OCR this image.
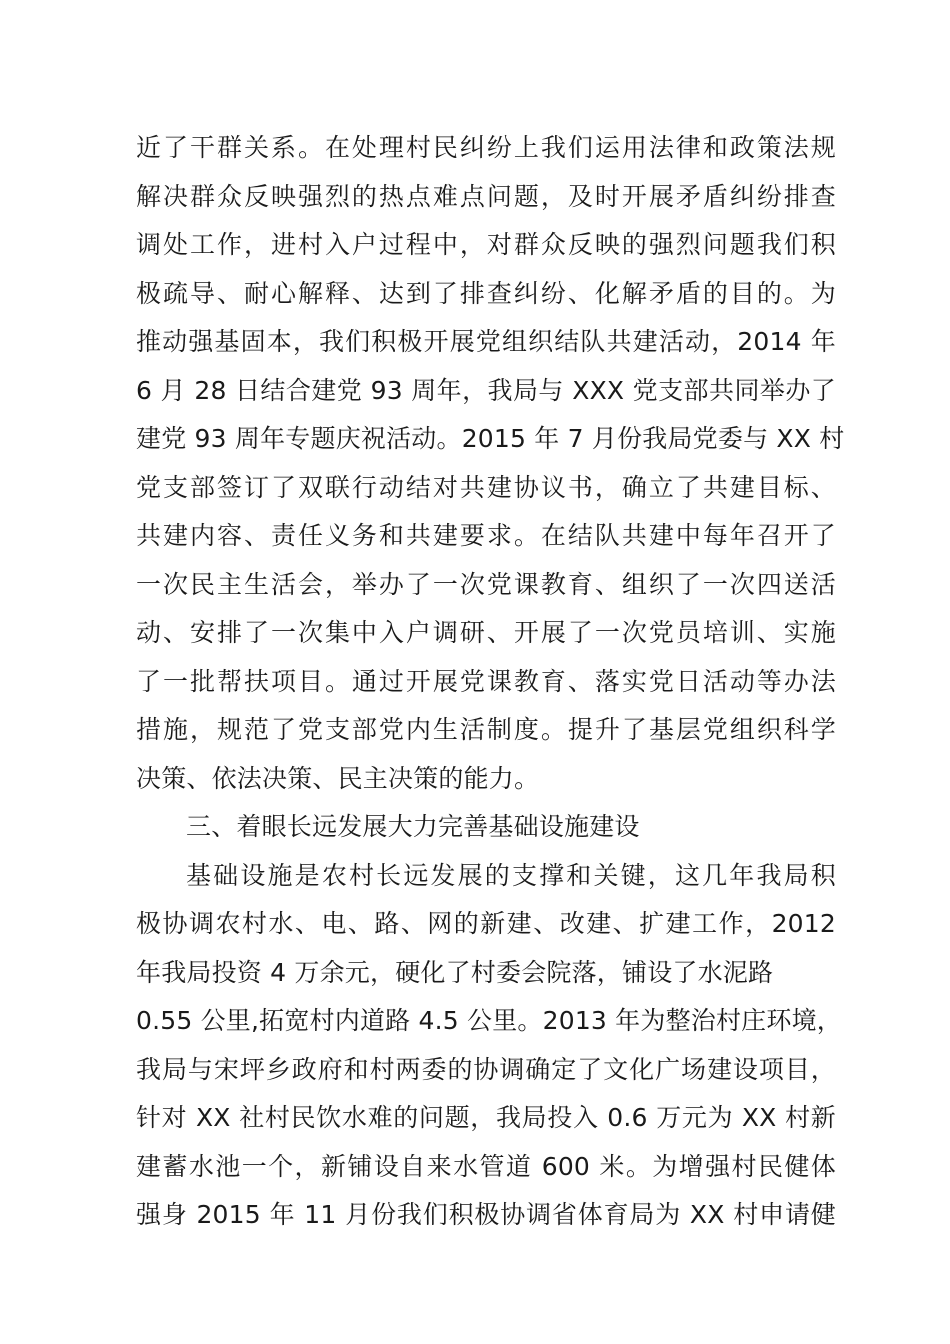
近了干群关系。在处理村民纠纷上我们运用法律和政策法规
解决群众反映强烈的热点难点问题，及时开展矛盾纠纷排查
调处工作，进村入户过程中，对群众反映的强烈问题我们积
极疏导、耐心解释、达到了排查纠纷、化解矛盾的目的。为
推动强基固本，我们积极开展党组织结队共建活动，2014 年
6 月 28 日结合建党 93 周年，我局与 XXX 党支部共同举办了
建党 93 周年专题庆祝活动。2015 年 7 月份我局党委与 XX 村
党支部签订了双联行动结对共建协议书，确立了共建目标、
共建内容、责任义务和共建要求。在结队共建中每年召开了
一次民主生活会，举办了一次党课教育、组织了一次四送活
动、安排了一次集中入户调研、开展了一次党员培训、实施
了一批帮扶项目。通过开展党课教育、落实党日活动等办法
措施，规范了党支部党内生活制度。提升了基层党组织科学
决策、依法决策、民主决策的能力。
三、着眼长远发展大力完善基础设施建设
基础设施是农村长远发展的支撑和关键，这几年我局积
极协调农村水、电、路、网的新建、改建、扩建工作，2012
年我局投资 4 万余元，硬化了村委会院落，铺设了水泥路
0.55 公里,拓宽村内道路 4.5 公里。2013 年为整治村庄环境，
我局与宋坪乡政府和村两委的协调确定了文化广场建设项目，
针对 XX 社村民饮水难的问题，我局投入 0.6 万元为 XX 村新
建蓄水池一个，新铺设自来水管道 600 米。为增强村民健体
强身 2015 年 11 月份我们积极协调省体育局为 XX 村申请健
